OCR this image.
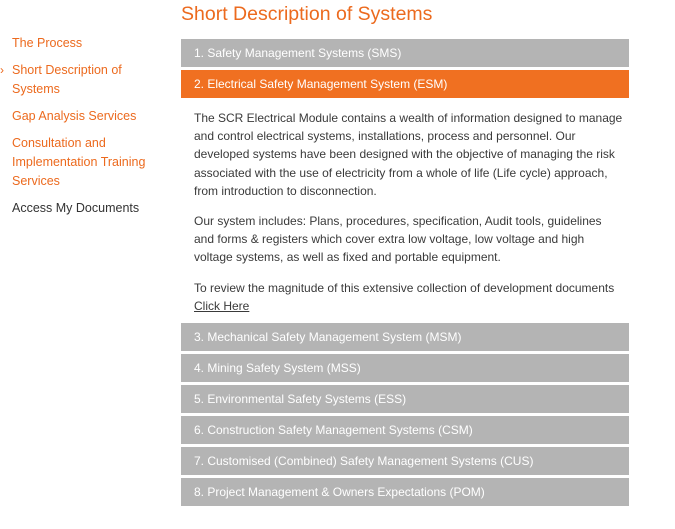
The Process
› Short Description of Systems
Gap Analysis Services
Consultation and Implementation Training Services
Access My Documents
Short Description of Systems
1. Safety Management Systems (SMS)
2. Electrical Safety Management System (ESM)

The SCR Electrical Module contains a wealth of information designed to manage and control electrical systems, installations, process and personnel. Our developed systems have been designed with the objective of managing the risk associated with the use of electricity from a whole of life (Life cycle) approach, from introduction to disconnection.

Our system includes: Plans, procedures, specification, Audit tools, guidelines and forms & registers which cover extra low voltage, low voltage and high voltage systems, as well as fixed and portable equipment.

To review the magnitude of this extensive collection of development documents
Click Here

3. Mechanical Safety Management System (MSM)
4. Mining Safety System (MSS)
5. Environmental Safety Systems (ESS)
6. Construction Safety Management Systems (CSM)
7. Customised (Combined) Safety Management Systems (CUS)
8. Project Management & Owners Expectations (POM)
